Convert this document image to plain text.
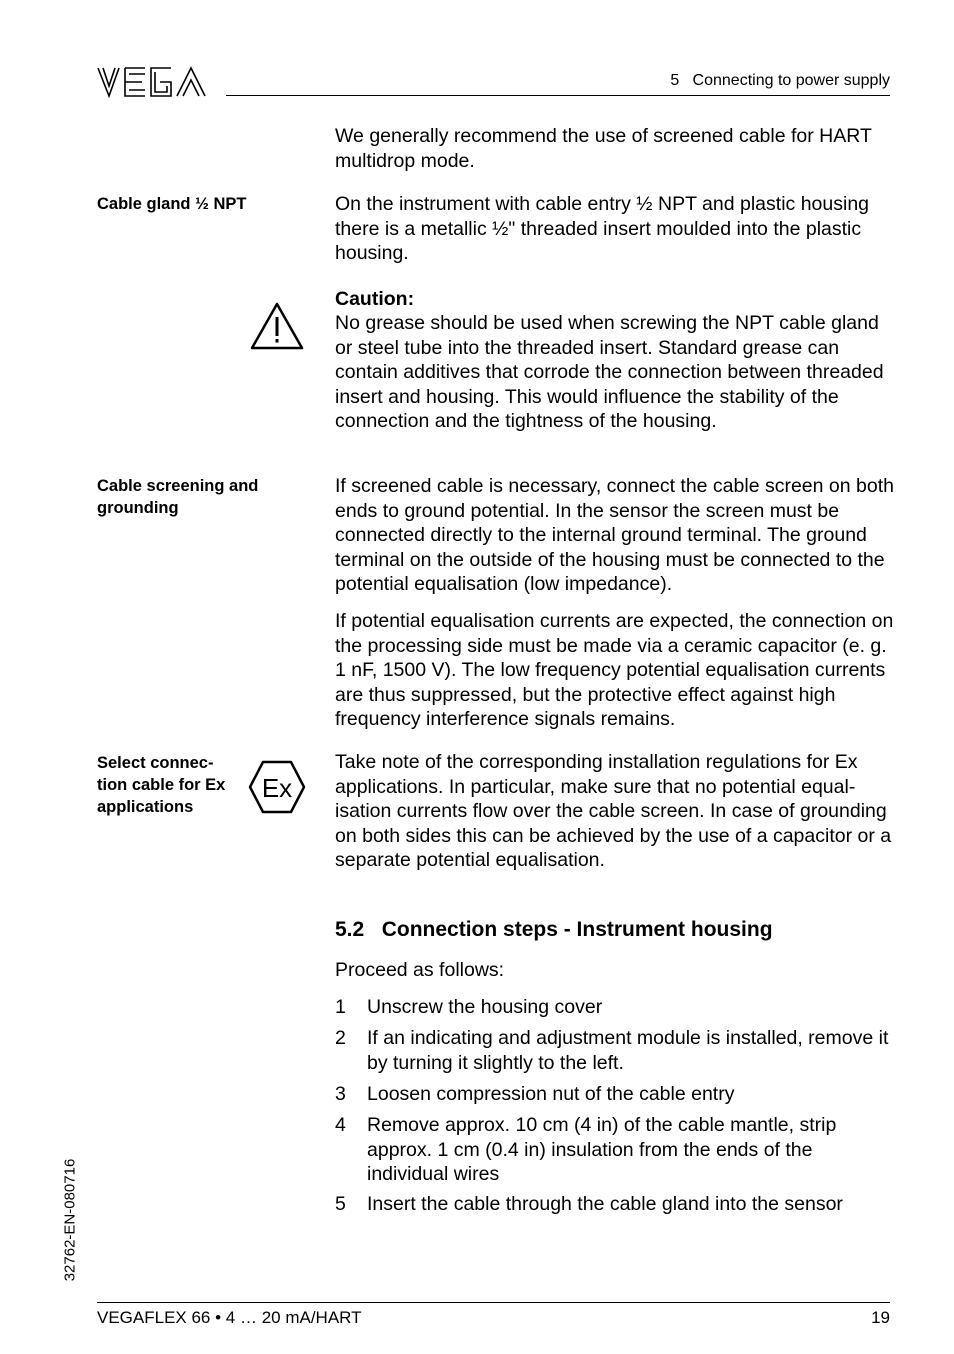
5   Connecting to power supply
We generally recommend the use of screened cable for HART multidrop mode.
Cable gland ½ NPT	On the instrument with cable entry ½ NPT and plastic housing there is a metallic ½" threaded insert moulded into the plastic housing.
Caution:
No grease should be used when screwing the NPT cable gland or steel tube into the threaded insert. Standard grease can contain additives that corrode the connection between threaded insert and housing. This would influence the stability of the connection and the tightness of the housing.
Cable screening and grounding
If screened cable is necessary, connect the cable screen on both ends to ground potential. In the sensor the screen must be connected directly to the internal ground terminal. The ground terminal on the outside of the housing must be connected to the potential equalisation (low impedance).
If potential equalisation currents are expected, the connection on the processing side must be made via a ceramic capacitor (e. g. 1 nF, 1500 V). The low frequency potential equalisation currents are thus suppressed, but the protective effect against high frequency interference signals remains.
Select connec-tion cable for Ex applications
Ex
Take note of the corresponding installation regulations for Ex applications. In particular, make sure that no potential equal-isation currents flow over the cable screen. In case of grounding on both sides this can be achieved by the use of a capacitor or a separate potential equalisation.
5.2   Connection steps - Instrument housing
Proceed as follows:
1	Unscrew the housing cover
2	If an indicating and adjustment module is installed, remove it by turning it slightly to the left.
3	Loosen compression nut of the cable entry
4	Remove approx. 10 cm (4 in) of the cable mantle, strip approx. 1 cm (0.4 in) insulation from the ends of the individual wires
5	Insert the cable through the cable gland into the sensor
32762-EN-080716
VEGAFLEX 66 • 4 … 20 mA/HART	19
